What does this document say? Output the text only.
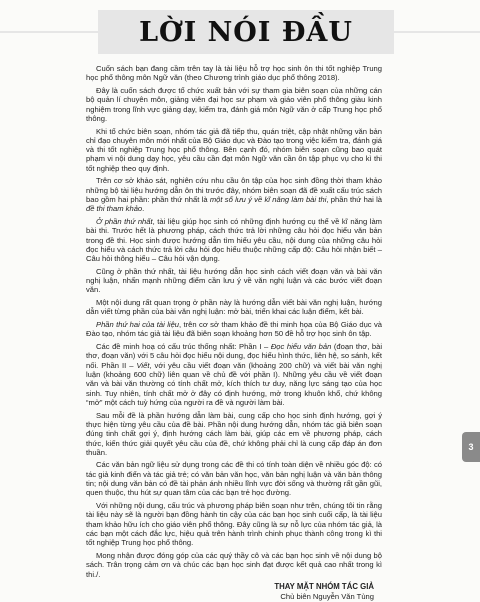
LỜI NÓI ĐẦU

Cuốn sách bạn đang cầm trên tay là tài liệu hỗ trợ học sinh ôn thi tốt nghiệp Trung học phổ thông môn Ngữ văn (theo Chương trình giáo dục phổ thông 2018).

Đây là cuốn sách được tổ chức xuất bản với sự tham gia biên soạn của những cán bộ quản lí chuyên môn, giảng viên đại học sư phạm và giáo viên phổ thông giàu kinh nghiệm trong lĩnh vực giảng dạy, kiểm tra, đánh giá môn Ngữ văn ở cấp Trung học phổ thông.

Khi tổ chức biên soạn, nhóm tác giả đã tiếp thu, quán triệt, cập nhật những văn bản chỉ đạo chuyên môn mới nhất của Bộ Giáo dục và Đào tạo trong việc kiểm tra, đánh giá và thi tốt nghiệp Trung học phổ thông. Bên cạnh đó, nhóm biên soạn cũng bao quát phạm vi nội dung dạy học, yêu cầu cần đạt môn Ngữ văn cần ôn tập phục vụ cho kì thi tốt nghiệp theo quy định.

Trên cơ sở khảo sát, nghiên cứu nhu cầu ôn tập của học sinh đồng thời tham khảo những bộ tài liệu hướng dẫn ôn thi trước đây, nhóm biên soạn đã đề xuất cấu trúc sách bao gồm hai phần: phần thứ nhất là một số lưu ý về kĩ năng làm bài thi, phần thứ hai là đề thi tham khảo.

Ở phần thứ nhất, tài liệu giúp học sinh có những định hướng cụ thể về kĩ năng làm bài thi. Trước hết là phương pháp, cách thức trả lời những câu hỏi đọc hiểu văn bản trong đề thi. Học sinh được hướng dẫn tìm hiểu yêu cầu, nội dung của những câu hỏi đọc hiểu và cách thức trả lời câu hỏi đọc hiểu thuộc những cấp độ: Câu hỏi nhận biết – Câu hỏi thông hiểu – Câu hỏi vận dụng.

Cũng ở phần thứ nhất, tài liệu hướng dẫn học sinh cách viết đoạn văn và bài văn nghị luận, nhấn mạnh những điểm cần lưu ý về văn nghị luận và các bước viết đoạn văn.

Một nội dung rất quan trọng ở phần này là hướng dẫn viết bài văn nghị luận, hướng dẫn viết từng phần của bài văn nghị luận: mở bài, triển khai các luận điểm, kết bài.

Phần thứ hai của tài liệu, trên cơ sở tham khảo đề thi minh họa của Bộ Giáo dục và Đào tạo, nhóm tác giả tài liệu đã biên soạn khoảng hơn 50 đề hỗ trợ học sinh ôn tập.

Các đề minh hoạ có cấu trúc thống nhất: Phần I – Đọc hiểu văn bản (đoạn thơ, bài thơ, đoạn văn) với 5 câu hỏi đọc hiểu nội dung, đọc hiểu hình thức, liên hệ, so sánh, kết nối. Phần II – Viết, với yêu cầu viết đoạn văn (khoảng 200 chữ) và viết bài văn nghị luận (khoảng 600 chữ) liên quan về chủ đề với phần I). Những yêu cầu về viết đoạn văn và bài văn thường có tính chất mở, kích thích tư duy, năng lực sáng tạo của học sinh. Tuy nhiên, tính chất mở ở đây có định hướng, mở trong khuôn khổ, chứ không “mở” một cách tuỳ hứng của người ra đề và người làm bài.

Sau mỗi đề là phần hướng dẫn làm bài, cung cấp cho học sinh định hướng, gợi ý thực hiện từng yêu cầu của đề bài. Phần nội dung hướng dẫn, nhóm tác giả biên soạn đúng tinh chất gợi ý, định hướng cách làm bài, giúp các em về phương pháp, cách thức, kiến thức giải quyết yêu cầu của đề, chứ không phải chỉ là cung cấp đáp án đơn thuần.

Các văn bản ngữ liệu sử dụng trong các đề thi có tính toàn diện về nhiều góc độ: có tác giả kinh điển và tác giả trẻ; có văn bản văn học, văn bản nghị luận và văn bản thông tin; nội dung văn bản có đề tài phản ánh nhiều lĩnh vực đời sống và thường rất gần gũi, quen thuộc, thu hút sự quan tâm của các bạn trẻ học đường.

Với những nội dung, cấu trúc và phương pháp biên soạn như trên, chúng tôi tin rằng tài liệu này sẽ là người bạn đồng hành tin cậy của các bạn học sinh cuối cấp, là tài liệu tham khảo hữu ích cho giáo viên phổ thông. Đây cũng là sự nỗ lực của nhóm tác giả, là các bạn một cách đắc lực, hiệu quả trên hành trình chinh phục thành công trong kì thi tốt nghiệp Trung học phổ thông.

Mong nhận được đóng góp của các quý thầy cô và các bạn học sinh về nội dung bộ sách. Trân trọng cảm ơn và chúc các bạn học sinh đạt được kết quả cao nhất trong kì thi./.

THAY MẶT NHÓM TÁC GIẢ
Chủ biên Nguyễn Văn Tùng
3
